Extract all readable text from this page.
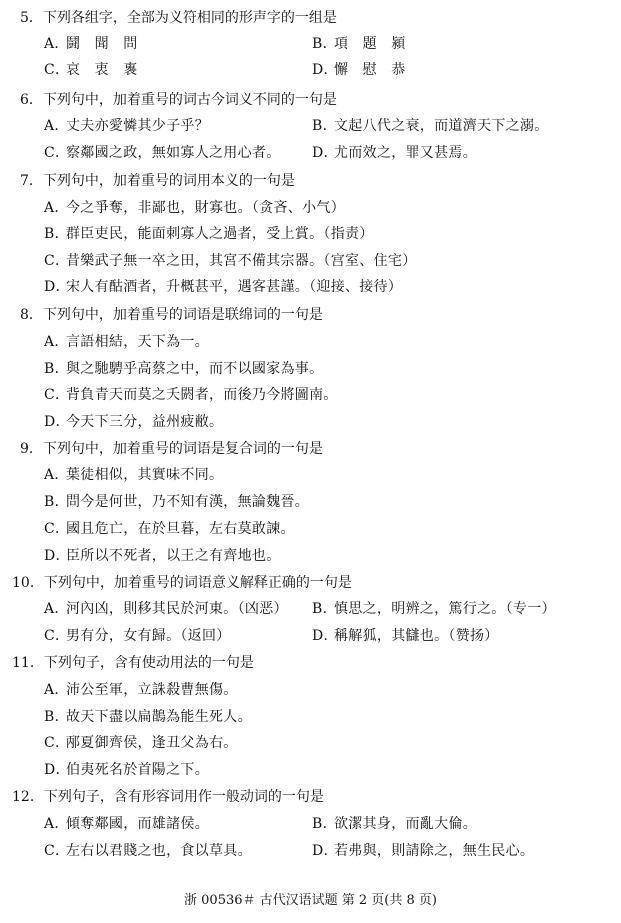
5．下列各组字，全部为义符相同的形声字的一组是
A．鬪　聞　問	B．項　題　潁
C．哀　衷　褢	D．懈　慰　恭
6．下列句中，加着重号的词古今词义不同的一句是
A．丈夫亦愛憐其少子乎？	B．文起八代之衰，而道濟天下之溺。
C．察鄰國之政，無如寡人之用心者。 D．尤而效之，罪又甚焉。
7．下列句中，加着重号的词用本义的一句是
A．今之爭奪，非鄙也，財寡也。（贪吝、小气）
B．群臣吏民，能面刺寡人之過者，受上賞。（指责）
C．昔樂武子無一卒之田，其宮不備其宗器。（宫室、住宅）
D．宋人有酤酒者，升概甚平，遇客甚謹。（迎接、接待）
8．下列句中，加着重号的词语是联绵词的一句是
A．言語相結，天下為一。
B．與之馳騁乎高蔡之中，而不以國家為事。
C．背負青天而莫之夭閼者，而後乃今將圖南。
D．今天下三分，益州疲敝。
9．下列句中，加着重号的词语是复合词的一句是
A．葉徒相似，其實味不同。
B．問今是何世，乃不知有漢，無論魏晉。
C．國且危亡，在於旦暮，左右莫敢諫。
D．臣所以不死者，以王之有齊地也。
10．下列句中，加着重号的词语意义解释正确的一句是
A．河內凶，則移其民於河東。（凶恶） B．慎思之，明辨之，篤行之。（专一）
C．男有分，女有歸。（返回）	D．稱解狐，其讎也。（赞扬）
11．下列句子，含有使动用法的一句是
A．沛公至軍，立誅殺曹無傷。
B．故天下盡以扁鵲為能生死人。
C．邴夏御齊侯，逢丑父為右。
D．伯夷死名於首陽之下。
12．下列句子，含有形容词用作一般动词的一句是
A．傾奪鄰國，而雄諸侯。	B．欲潔其身，而亂大倫。
C．左右以君賤之也，食以草具。	D．若弗與，則請除之，無生民心。
浙 00536＃ 古代汉语试题 第 2 页(共 8 页)
